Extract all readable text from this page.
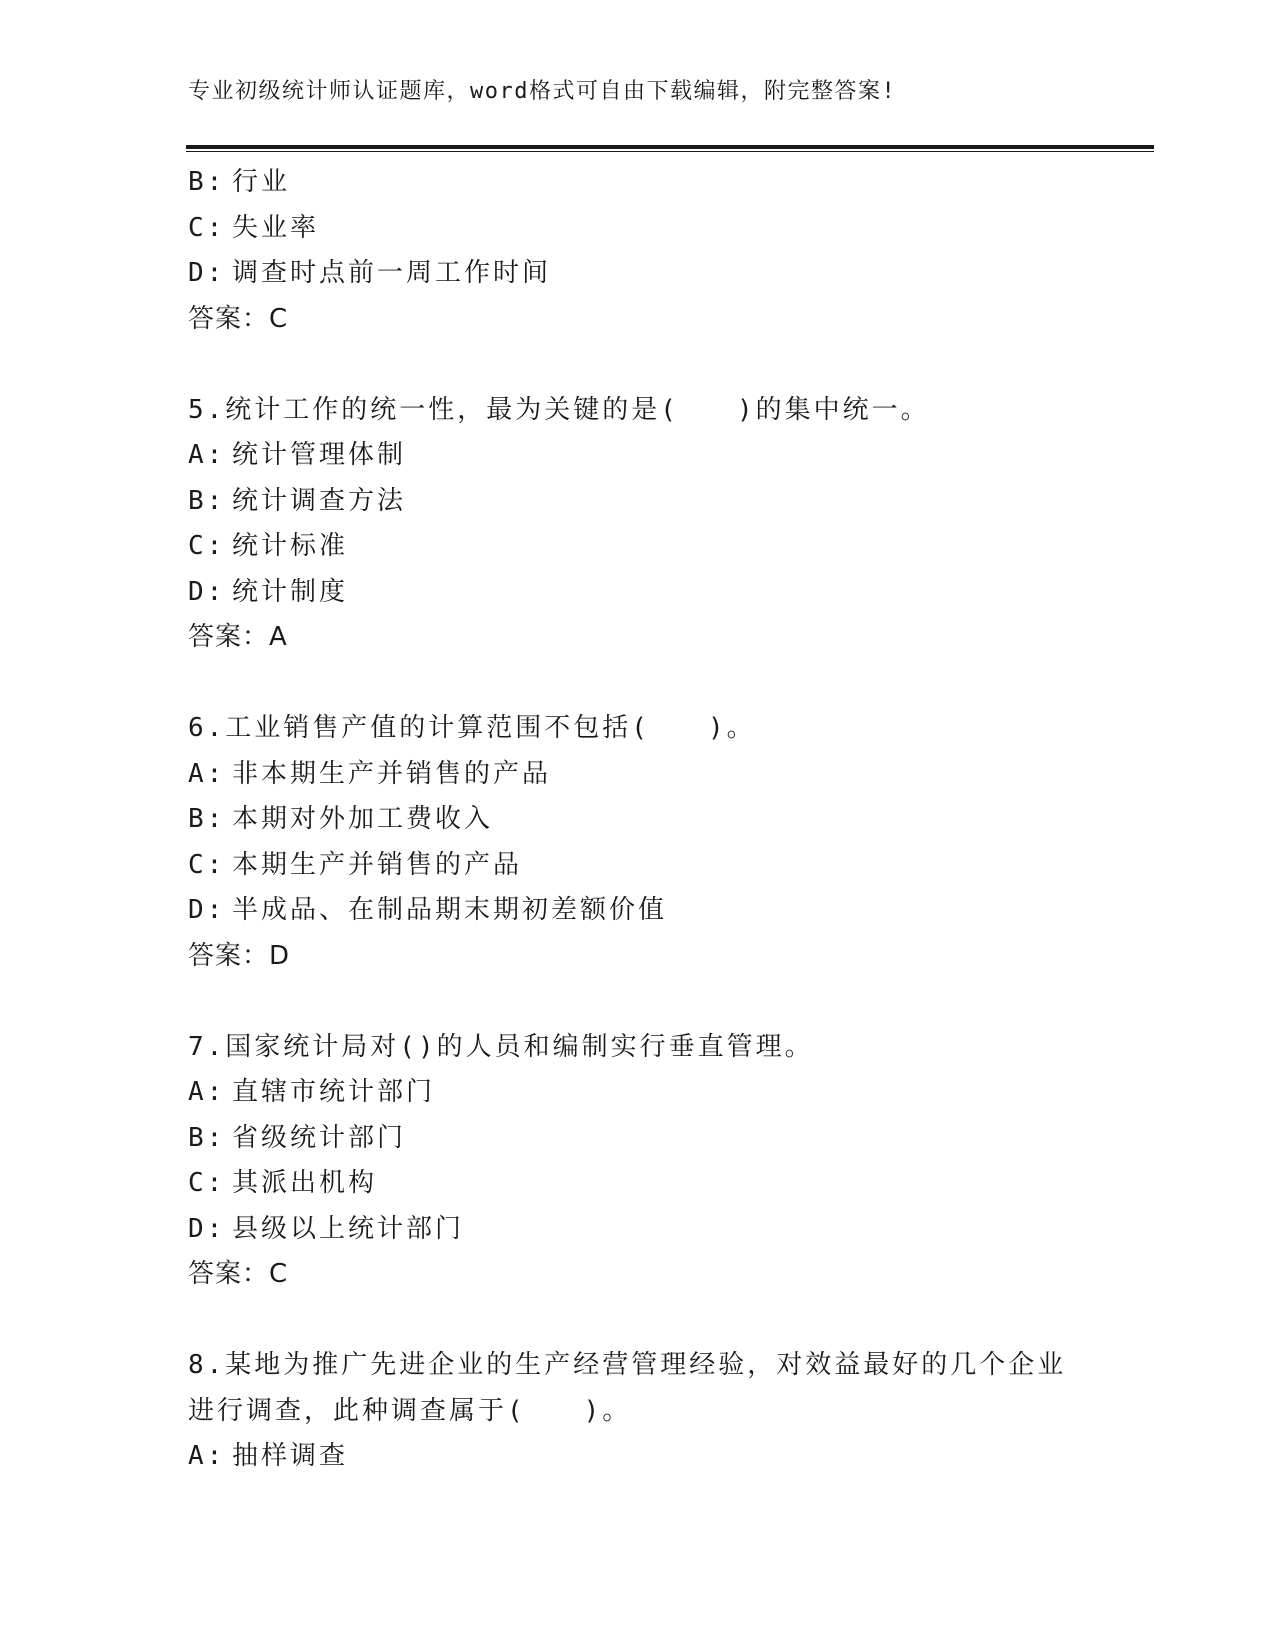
专业初级统计师认证题库，word格式可自由下载编辑，附完整答案!
B: 行业
C: 失业率
D: 调查时点前一周工作时间
答案：C
5.统计工作的统一性，最为关键的是(　　)的集中统一。
A: 统计管理体制
B: 统计调查方法
C: 统计标准
D: 统计制度
答案：A
6.工业销售产值的计算范围不包括(　　)。
A: 非本期生产并销售的产品
B: 本期对外加工费收入
C: 本期生产并销售的产品
D: 半成品、在制品期末期初差额价值
答案：D
7.国家统计局对()的人员和编制实行垂直管理。
A: 直辖市统计部门
B: 省级统计部门
C: 其派出机构
D: 县级以上统计部门
答案：C
8.某地为推广先进企业的生产经营管理经验，对效益最好的几个企业
进行调查，此种调查属于(　　)。
A: 抽样调查
